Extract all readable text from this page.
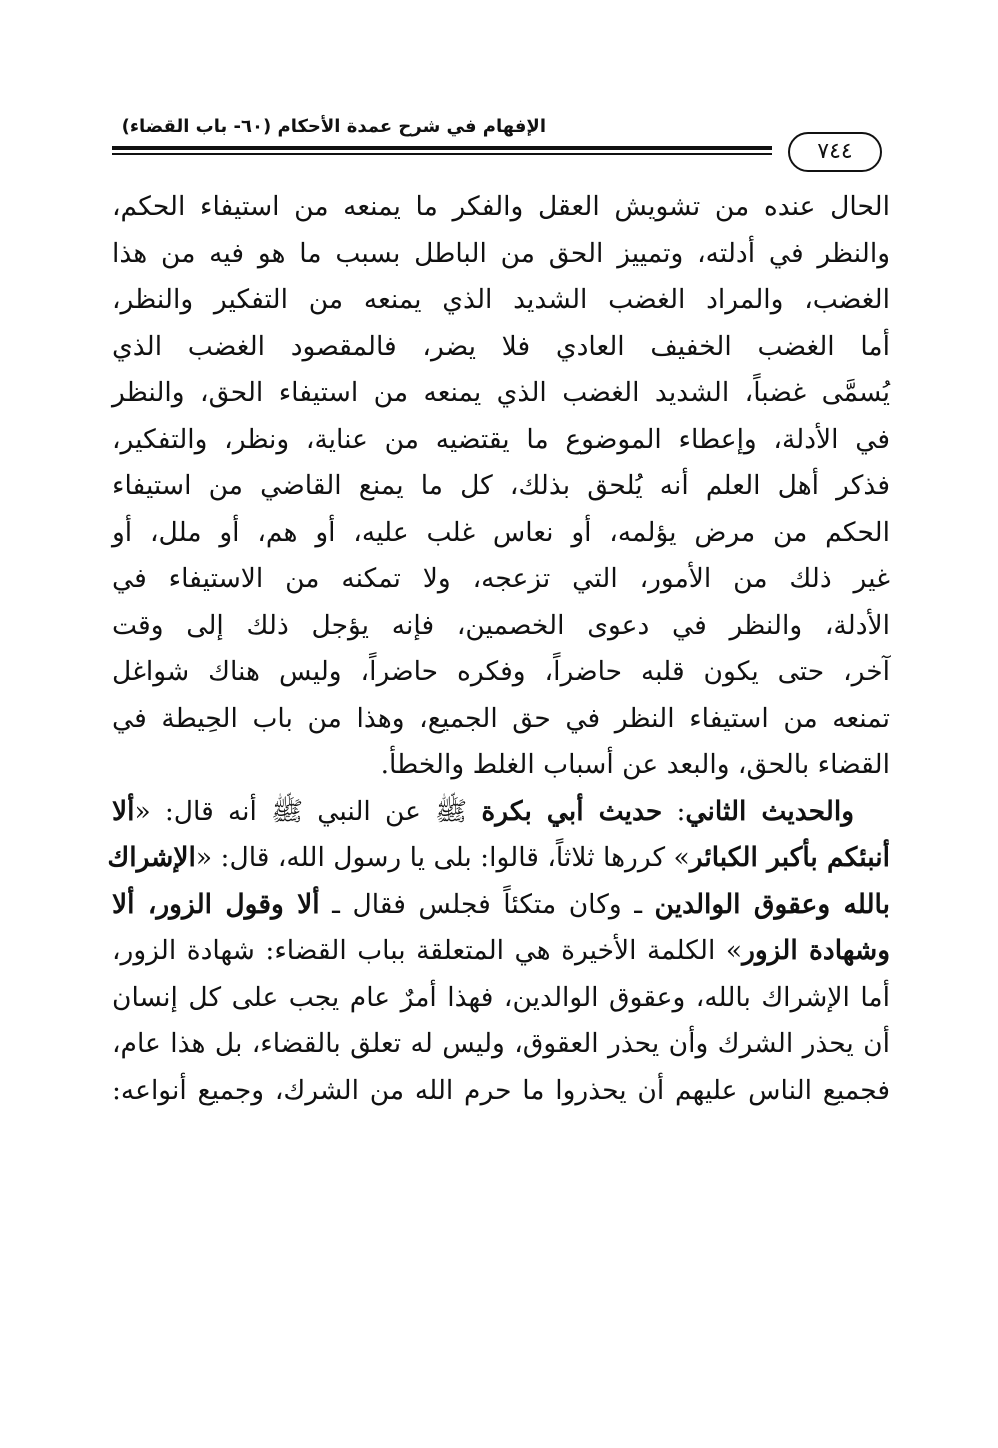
الإفهام في شرح عمدة الأحكام (٦٠- باب القضاء)
٧٤٤
الحال عنده من تشويش العقل والفكر ما يمنعه من استيفاء الحكم،
والنظر في أدلته، وتمييز الحق من الباطل بسبب ما هو فيه من هذا
الغضب، والمراد الغضب الشديد الذي يمنعه من التفكير والنظر،
أما الغضب الخفيف العادي فلا يضر، فالمقصود الغضب الذي
يُسمَّى غضباً، الشديد الغضب الذي يمنعه من استيفاء الحق، والنظر
في الأدلة، وإعطاء الموضوع ما يقتضيه من عناية، ونظر، والتفكير،
فذكر أهل العلم أنه يُلحق بذلك، كل ما يمنع القاضي من استيفاء
الحكم من مرض يؤلمه، أو نعاس غلب عليه، أو هم، أو ملل، أو
غير ذلك من الأمور، التي تزعجه، ولا تمكنه من الاستيفاء في
الأدلة، والنظر في دعوى الخصمين، فإنه يؤجل ذلك إلى وقت
آخر، حتى يكون قلبه حاضراً، وفكره حاضراً، وليس هناك شواغل
تمنعه من استيفاء النظر في حق الجميع، وهذا من باب الحِيطة في
القضاء بالحق، والبعد عن أسباب الغلط والخطأ.
والحديث الثاني: حديث أبي بكرة ﷺ عن النبي ﷺ أنه قال: «ألا
أنبئكم بأكبر الكبائر» كررها ثلاثاً، قالوا: بلى يا رسول الله، قال: «الإشراك
بالله وعقوق الوالدين ـ وكان متكئاً فجلس فقال ـ ألا وقول الزور، ألا
وشهادة الزور» الكلمة الأخيرة هي المتعلقة بباب القضاء: شهادة الزور،
أما الإشراك بالله، وعقوق الوالدين، فهذا أمرٌ عام يجب على كل إنسان
أن يحذر الشرك وأن يحذر العقوق، وليس له تعلق بالقضاء، بل هذا عام،
فجميع الناس عليهم أن يحذروا ما حرم الله من الشرك، وجميع أنواعه:
